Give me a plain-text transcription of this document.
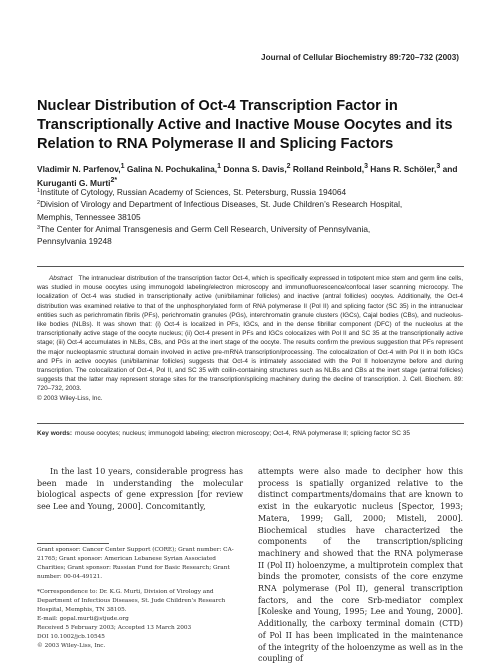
Journal of Cellular Biochemistry 89:720–732 (2003)
Nuclear Distribution of Oct-4 Transcription Factor in Transcriptionally Active and Inactive Mouse Oocytes and its Relation to RNA Polymerase II and Splicing Factors
Vladimir N. Parfenov,$^1$ Galina N. Pochukalina,$^1$ Donna S. Davis,$^2$ Rolland Reinbold,$^3$ Hans R. Schöler,$^3$ and Kuruganti G. Murti$^{2*}$
$^1$Institute of Cytology, Russian Academy of Sciences, St. Petersburg, Russia 194064
$^2$Division of Virology and Department of Infectious Diseases, St. Jude Children’s Research Hospital,
Memphis, Tennessee 38105
$^3$The Center for Animal Transgenesis and Germ Cell Research, University of Pennsylvania,
Pennsylvania 19248

Abstract The intranuclear distribution of the transcription factor Oct-4, which is specifically expressed in totipotent mice stem and germ line cells, was studied in mouse oocytes using immunogold labeling/electron microscopy and immunofluorescence/confocal laser scanning microcopy. The localization of Oct-4 was studied in transcriptionally active (uni/bilaminar follicles) and inactive (antral follicles) oocytes. Additionally, the Oct-4 distribution was examined relative to that of the unphosphorylated form of RNA polymerase II (Pol II) and splicing factor (SC 35) in the intranuclear entities such as perichromatin fibrils (PFs), perichromatin granules (PGs), interchromatin granule clusters (IGCs), Cajal bodies (CBs), and nucleolus-like bodies (NLBs). It was shown that: (i) Oct-4 is localized in PFs, IGCs, and in the dense fibrillar component (DFC) of the nucleolus at the transcriptionally active stage of the oocyte nucleus; (ii) Oct-4 present in PFs and IGCs colocalizes with Pol II and SC 35 at the transcriptionally active stage; (iii) Oct-4 accumulates in NLBs, CBs, and PGs at the inert stage of the oocyte. The results confirm the previous suggestion that PFs represent the major nucleoplasmic structural domain involved in active pre-mRNA transcription/processing. The colocalization of Oct-4 with Pol II in both IGCs and PFs in active oocytes (uni/bilaminar follicles) suggests that Oct-4 is intimately associated with the Pol II holoenzyme before and during transcription. The colocalization of Oct-4, Pol II, and SC 35 with coilin-containing structures such as NLBs and CBs at the inert stage (antral follicles) suggests that the latter may represent storage sites for the transcription/splicing machinery during the decline of transcription. J. Cell. Biochem. 89: 720–732, 2003.
© 2003 Wiley-Liss, Inc.

Key words: mouse oocytes; nucleus; immunogold labeling; electron microscopy; Oct-4, RNA polymerase II; splicing factor SC 35

In the last 10 years, considerable progress has been made in understanding the molecular biological aspects of gene expression [for review see Lee and Young, 2000]. Concomitantly,

attempts were also made to decipher how this process is spatially organized relative to the distinct compartments/domains that are known to exist in the eukaryotic nucleus [Spector, 1993; Matera, 1999; Gall, 2000; Misteli, 2000]. Biochemical studies have characterized the components of the transcription/splicing machinery and showed that the RNA polymerase II (Pol II) holoenzyme, a multiprotein complex that binds the promoter, consists of the core enzyme RNA polymerase (Pol II), general transcription factors, and the core Srb-mediator complex [Koleske and Young, 1995; Lee and Young, 2000]. Additionally, the carboxy terminal domain (CTD) of Pol II has been implicated in the maintenance of the integrity of the holoenzyme as well as in the coupling of

Grant sponsor: Cancer Center Support (CORE); Grant number: CA-21765; Grant sponsor: American Lebanese Syrian Associated Charities; Grant sponsor: Russian Fund for Basic Research; Grant number: 00-04-49121.
*Correspondence to: Dr. K.G. Murti, Division of Virology and Department of Infectious Diseases, St. Jude Children’s Research Hospital, Memphis, TN 38105.
E-mail: gopal.murti@stjude.org
Received 5 February 2003; Accepted 13 March 2003
DOI 10.1002/jcb.10545
© 2003 Wiley-Liss, Inc.
